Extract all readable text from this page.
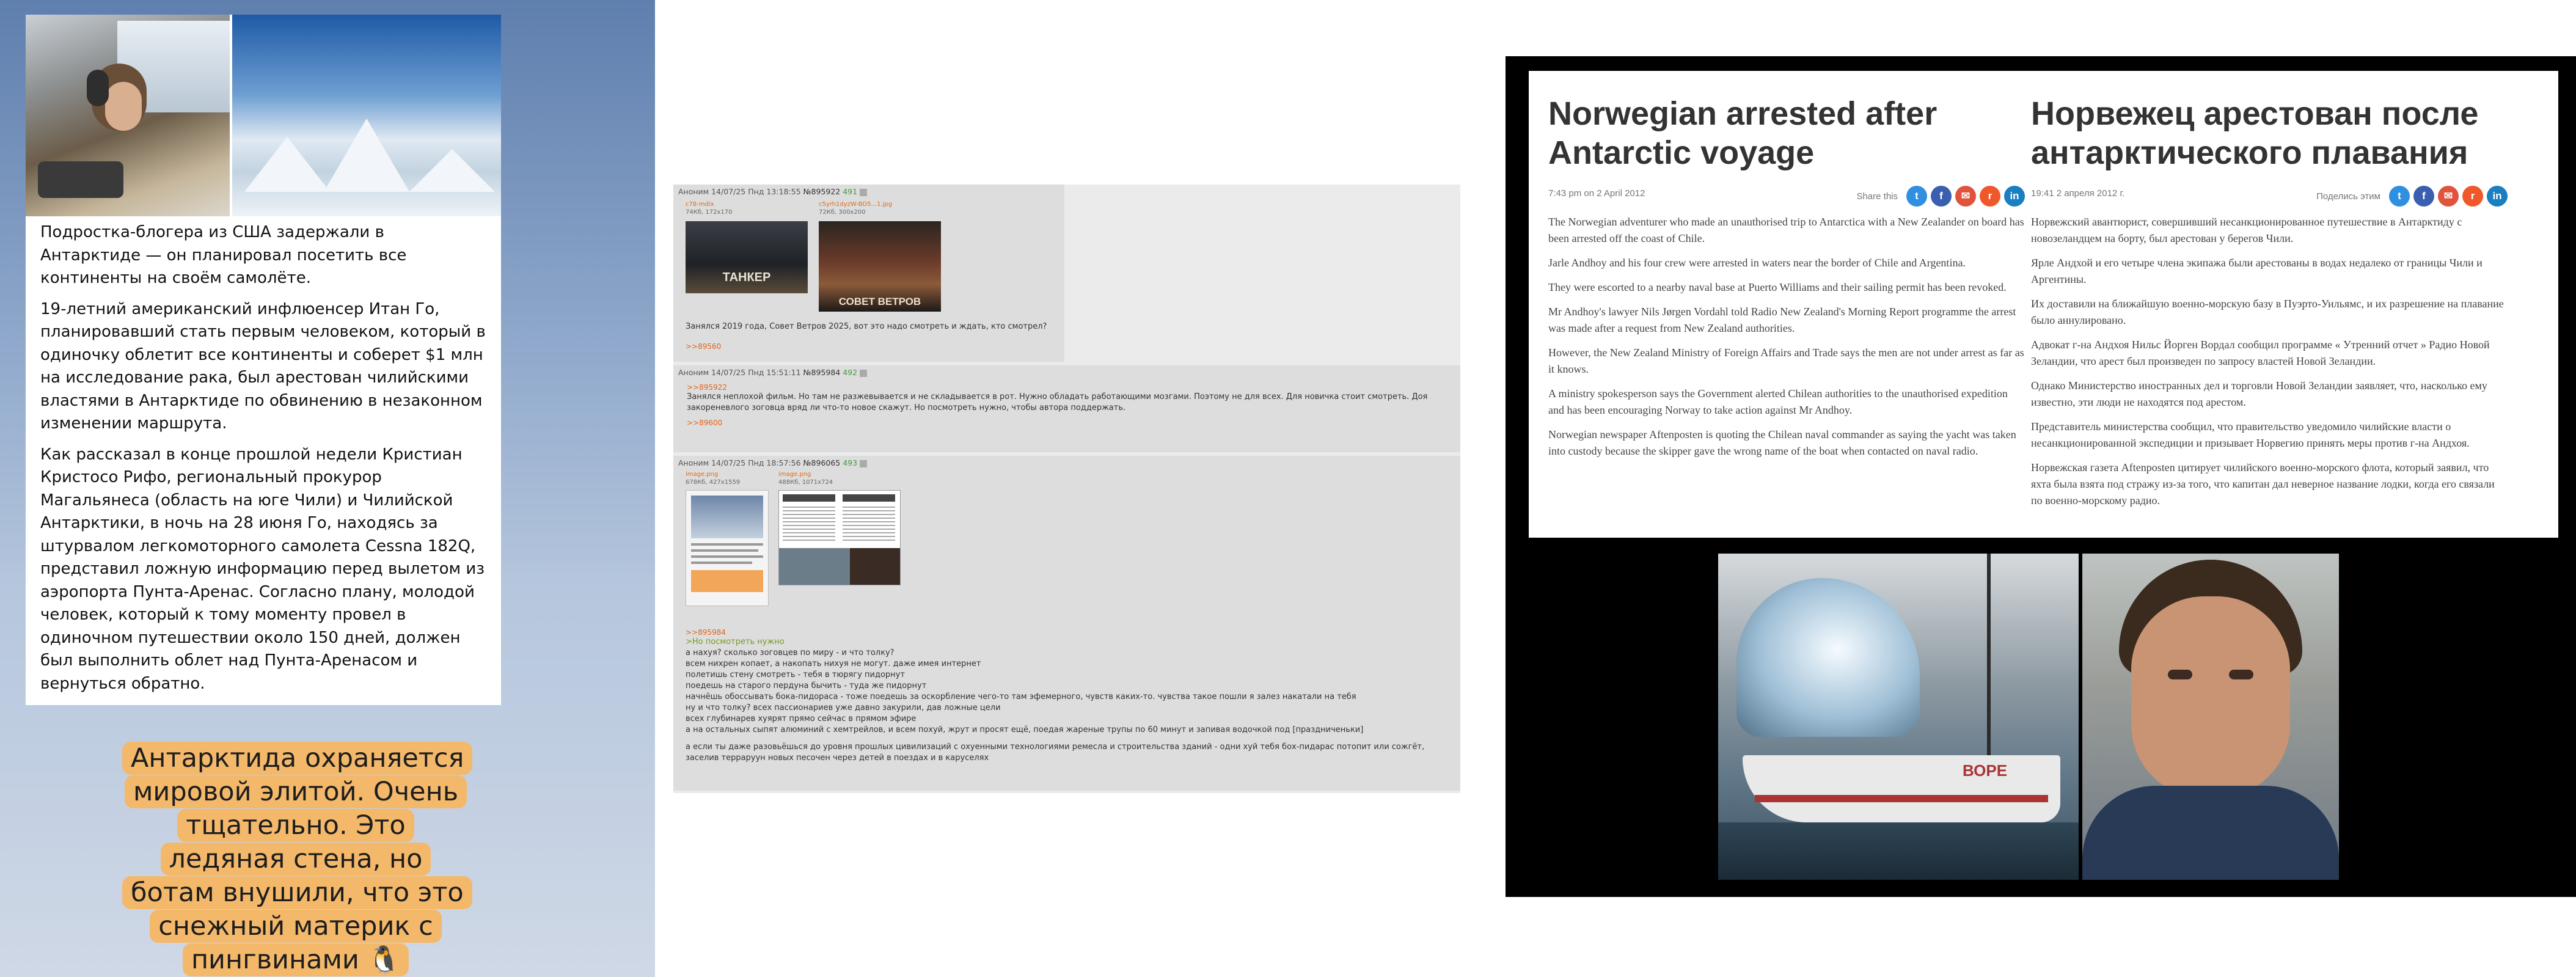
Подростка-блогера из США задержали в Антарктиде — он планировал посетить все континенты на своём самолёте.

19-летний американский инфлюенсер Итан Го, планировавший стать первым человеком, который в одиночку облетит все континенты и соберет $1 млн на исследование рака, был арестован чилийскими властями в Антарктиде по обвинению в незаконном изменении маршрута.

Как рассказал в конце прошлой недели Кристиан Кристосо Рифо, региональный прокурор Магальянеса (область на юге Чили) и Чилийской Антарктики, в ночь на 28 июня Го, находясь за штурвалом легкомоторного самолета Cessna 182Q, представил ложную информацию перед вылетом из аэропорта Пунта-Аренас. Согласно плану, молодой человек, который к тому моменту провел в одиночном путешествии около 150 дней, должен был выполнить облет над Пунта-Аренасом и вернуться обратно.

Антарктида охраняется мировой элитой. Очень тщательно. Это ледяная стена, но ботам внушили, что это снежный материк с пингвинами 🐧
Аноним 14/07/25 Пнд 13:18:55 №895922 491
c78-mdix
74Кб, 172x170
c5yrh1dyzW-BD5...1.jpg
72Кб, 300x200
ТАНКЕР
СОВЕТ ВЕТРОВ
Занялся 2019 года, Совет Ветров 2025, вот это надо смотреть и ждать, кто смотрел?
>>89560
Аноним 14/07/25 Пнд 15:51:11 №895984 492
>>895922
Занялся неплохой фильм. Но там не разжевывается и не складывается в рот. Нужно обладать работающими мозгами. Поэтому не для всех. Для новичка стоит смотреть. Доя закореневлого зоговца вряд ли что-то новое скажут. Но посмотреть нужно, чтобы автора поддержать.
>>89600
Аноним 14/07/25 Пнд 18:57:56 №896065 493
image.png
678Кб, 427x1559
image.png
488Кб, 1071x724
>>895984
>Но посмотреть нужно
а нахуя? сколько зоговцев по миру - и что толку?
всем нихрен копает, а накопать нихуя не могут. даже имея интернет
полетишь стену смотреть - тебя в тюрягу пидорнут
поедешь на старого пердуна бычить - туда же пидорнут
начнёшь обоссывать бока-пидораса - тоже поедешь за оскорбление чего-то там эфемерного, чувств каких-то. чувства такое пошли я залез накатали на тебя
ну и что толку? всех пассионариев уже давно закурили, дав ложные цели
всех глубинарев хуярят прямо сейчас в прямом эфире
а на остальных сыпят алюминий с хемтрейлов, и всем похуй, жрут и просят ещё, поедая жареные трупы по 60 минут и запивая водочкой под [праздниченьки]
а если ты даже разовьёшься до уровня прошлых цивилизаций с охуенными технологиями ремесла и строительства зданий - одни хуй тебя бох-пидарас потопит или сожгёт, заселив терраруун новых песочен через детей в поездах и в каруселях
Norwegian arrested after Antarctic voyage
7:43 pm on 2 April 2012	Share this	t	f	✉	r	in

The Norwegian adventurer who made an unauthorised trip to Antarctica with a New Zealander on board has been arrested off the coast of Chile.

Jarle Andhoy and his four crew were arrested in waters near the border of Chile and Argentina.

They were escorted to a nearby naval base at Puerto Williams and their sailing permit has been revoked.

Mr Andhoy's lawyer Nils Jørgen Vordahl told Radio New Zealand's Morning Report programme the arrest was made after a request from New Zealand authorities.

However, the New Zealand Ministry of Foreign Affairs and Trade says the men are not under arrest as far as it knows.

A ministry spokesperson says the Government alerted Chilean authorities to the unauthorised expedition and has been encouraging Norway to take action against Mr Andhoy.

Norwegian newspaper Aftenposten is quoting the Chilean naval commander as saying the yacht was taken into custody because the skipper gave the wrong name of the boat when contacted on naval radio.

Норвежец арестован после антарктического плавания
19:41 2 апреля 2012 г.	Поделись этим	t	f	✉	r	in

Норвежский авантюрист, совершивший несанкционированное путешествие в Антарктиду с новозеландцем на борту, был арестован у берегов Чили.

Ярле Андхой и его четыре члена экипажа были арестованы в водах недалеко от границы Чили и Аргентины.

Их доставили на ближайшую военно-морскую базу в Пуэрто-Уильямс, и их разрешение на плавание было аннулировано.

Адвокат г-на Андхоя Нильс Йорген Вордал сообщил программе « Утренний отчет » Радио Новой Зеландии, что арест был произведен по запросу властей Новой Зеландии.

Однако Министерство иностранных дел и торговли Новой Зеландии заявляет, что, насколько ему известно, эти люди не находятся под арестом.

Представитель министерства сообщил, что правительство уведомило чилийские власти о несанкционированной экспедиции и призывает Норвегию принять меры против г-на Андхоя.

Норвежская газета Aftenposten цитирует чилийского военно-морского флота, который заявил, что яхта была взята под стражу из-за того, что капитан дал неверное название лодки, когда его связали по военно-морскому радио.

ВОРЕ
